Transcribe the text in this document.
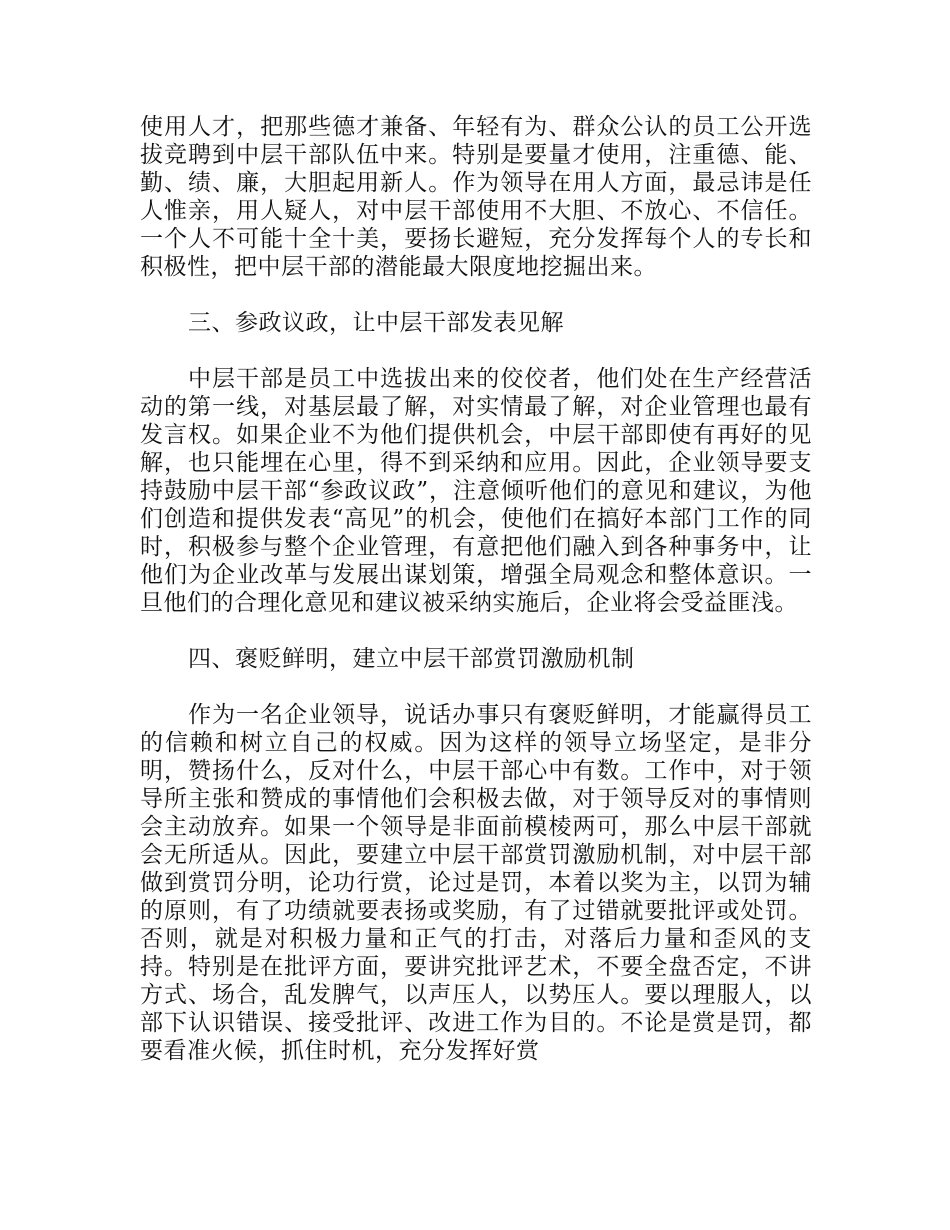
使用人才，把那些德才兼备、年轻有为、群众公认的员工公开选拔竞聘到中层干部队伍中来。特别是要量才使用，注重德、能、勤、绩、廉，大胆起用新人。作为领导在用人方面，最忌讳是任人惟亲，用人疑人，对中层干部使用不大胆、不放心、不信任。一个人不可能十全十美，要扬长避短，充分发挥每个人的专长和积极性，把中层干部的潜能最大限度地挖掘出来。

三、参政议政，让中层干部发表见解

中层干部是员工中选拔出来的佼佼者，他们处在生产经营活动的第一线，对基层最了解，对实情最了解，对企业管理也最有发言权。如果企业不为他们提供机会，中层干部即使有再好的见解，也只能埋在心里，得不到采纳和应用。因此，企业领导要支持鼓励中层干部“参政议政”，注意倾听他们的意见和建议，为他们创造和提供发表“高见”的机会，使他们在搞好本部门工作的同时，积极参与整个企业管理，有意把他们融入到各种事务中，让他们为企业改革与发展出谋划策，增强全局观念和整体意识。一旦他们的合理化意见和建议被采纳实施后，企业将会受益匪浅。

四、褒贬鲜明，建立中层干部赏罚激励机制

作为一名企业领导，说话办事只有褒贬鲜明，才能赢得员工的信赖和树立自己的权威。因为这样的领导立场坚定，是非分明，赞扬什么，反对什么，中层干部心中有数。工作中，对于领导所主张和赞成的事情他们会积极去做，对于领导反对的事情则会主动放弃。如果一个领导是非面前模棱两可，那么中层干部就会无所适从。因此，要建立中层干部赏罚激励机制，对中层干部做到赏罚分明，论功行赏，论过是罚，本着以奖为主，以罚为辅的原则，有了功绩就要表扬或奖励，有了过错就要批评或处罚。否则，就是对积极力量和正气的打击，对落后力量和歪风的支持。特别是在批评方面，要讲究批评艺术，不要全盘否定，不讲方式、场合，乱发脾气，以声压人，以势压人。要以理服人，以部下认识错误、接受批评、改进工作为目的。不论是赏是罚，都要看准火候，抓住时机，充分发挥好赏
